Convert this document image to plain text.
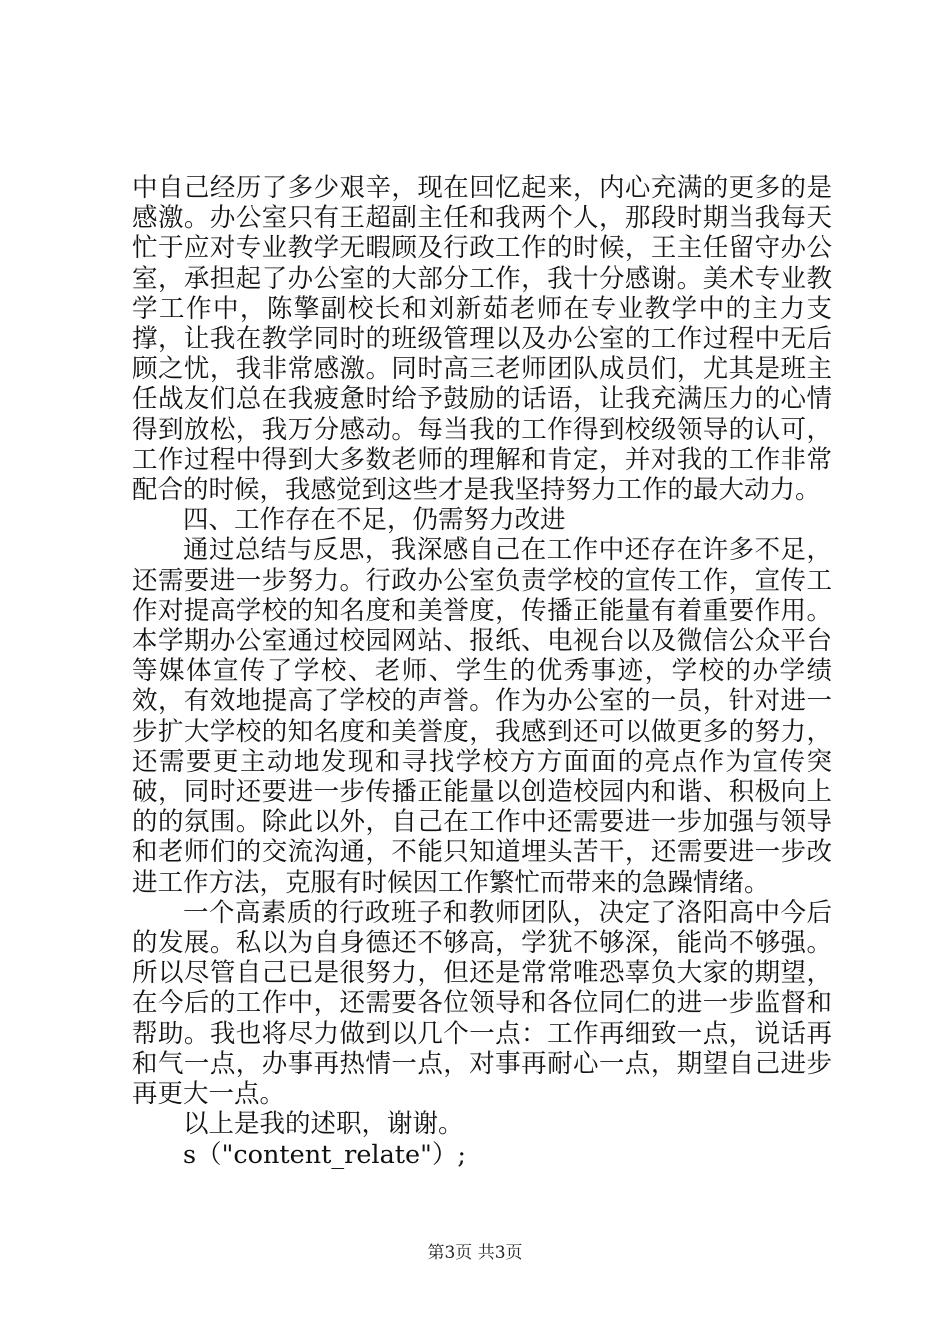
中自己经历了多少艰辛，现在回忆起来，内心充满的更多的是感激。办公室只有王超副主任和我两个人，那段时期当我每天忙于应对专业教学无暇顾及行政工作的时候，王主任留守办公室，承担起了办公室的大部分工作，我十分感谢。美术专业教学工作中，陈擎副校长和刘新茹老师在专业教学中的主力支撑，让我在教学同时的班级管理以及办公室的工作过程中无后顾之忧，我非常感激。同时高三老师团队成员们，尤其是班主任战友们总在我疲惫时给予鼓励的话语，让我充满压力的心情得到放松，我万分感动。每当我的工作得到校级领导的认可，工作过程中得到大多数老师的理解和肯定，并对我的工作非常配合的时候，我感觉到这些才是我坚持努力工作的最大动力。

四、工作存在不足，仍需努力改进

通过总结与反思，我深感自己在工作中还存在许多不足，还需要进一步努力。行政办公室负责学校的宣传工作，宣传工作对提高学校的知名度和美誉度，传播正能量有着重要作用。本学期办公室通过校园网站、报纸、电视台以及微信公众平台等媒体宣传了学校、老师、学生的优秀事迹，学校的办学绩效，有效地提高了学校的声誉。作为办公室的一员，针对进一步扩大学校的知名度和美誉度，我感到还可以做更多的努力，还需要更主动地发现和寻找学校方方面面的亮点作为宣传突破，同时还要进一步传播正能量以创造校园内和谐、积极向上的的氛围。除此以外，自己在工作中还需要进一步加强与领导和老师们的交流沟通，不能只知道埋头苦干，还需要进一步改进工作方法，克服有时候因工作繁忙而带来的急躁情绪。

一个高素质的行政班子和教师团队，决定了洛阳高中今后的发展。私以为自身德还不够高，学犹不够深，能尚不够强。所以尽管自己已是很努力，但还是常常唯恐辜负大家的期望，在今后的工作中，还需要各位领导和各位同仁的进一步监督和帮助。我也将尽力做到以几个一点：工作再细致一点，说话再和气一点，办事再热情一点，对事再耐心一点，期望自己进步再更大一点。

以上是我的述职，谢谢。

s（"content_relate"）;

第3页 共3页
